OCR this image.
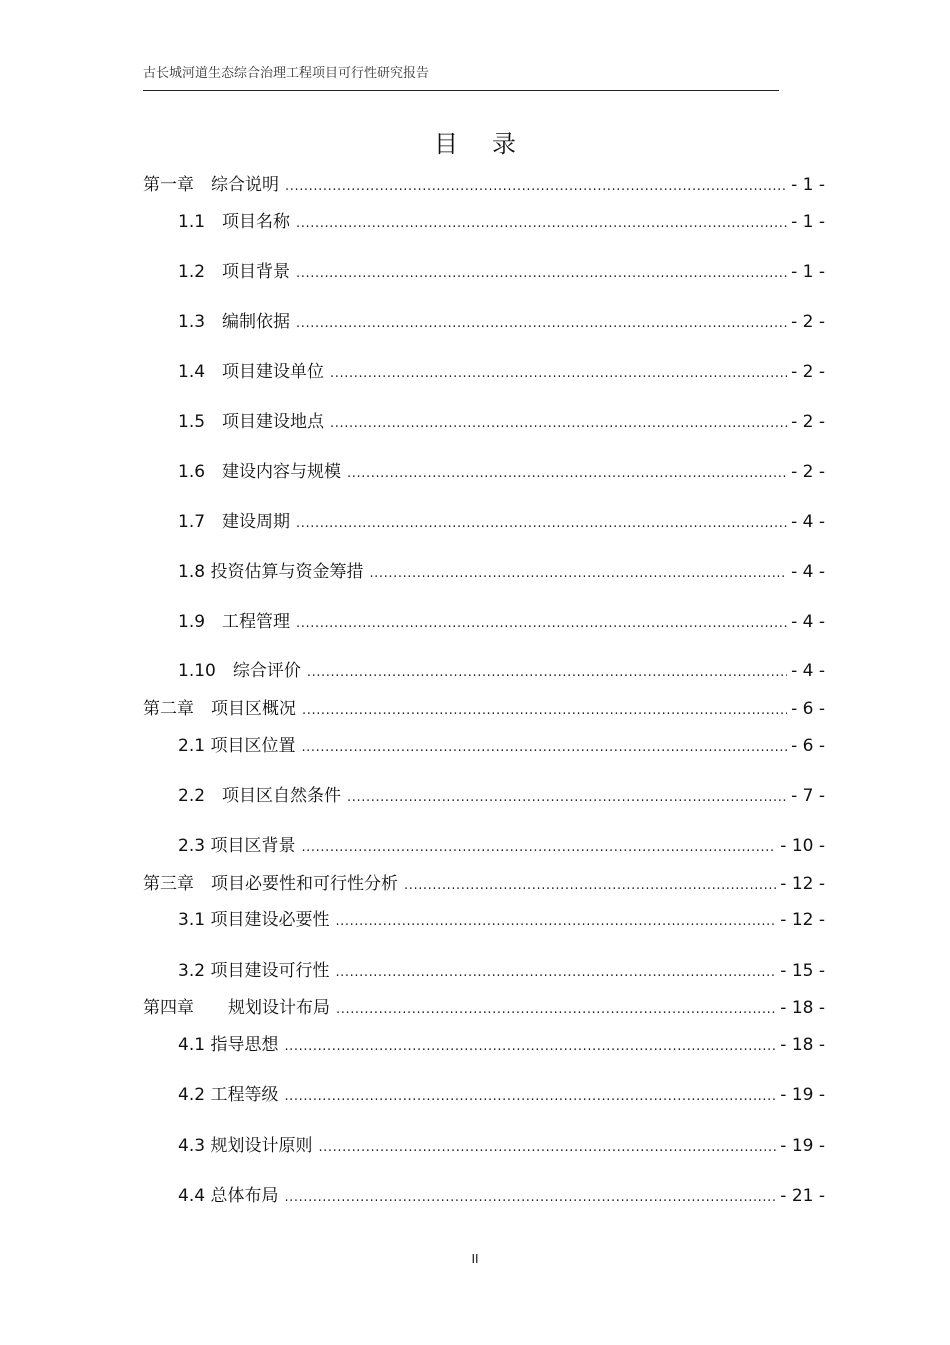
古长城河道生态综合治理工程项目可行性研究报告
目录
第一章　综合说明 .....	- 1 -
1.1　项目名称 .....	- 1 -
1.2　项目背景 .....	- 1 -
1.3　编制依据 .....	- 2 -
1.4　项目建设单位 .....	- 2 -
1.5　项目建设地点 .....	- 2 -
1.6　建设内容与规模 .....	- 2 -
1.7　建设周期 .....	- 4 -
1.8 投资估算与资金筹措 .....	- 4 -
1.9　工程管理 .....	- 4 -
1.10　综合评价 .....	- 4 -
第二章　项目区概况 .....	- 6 -
2.1 项目区位置 .....	- 6 -
2.2　项目区自然条件 .....	- 7 -
2.3 项目区背景 .....	- 10 -
第三章　项目必要性和可行性分析 .....	- 12 -
3.1 项目建设必要性 .....	- 12 -
3.2 项目建设可行性 .....	- 15 -
第四章　　规划设计布局 .....	- 18 -
4.1 指导思想 .....	- 18 -
4.2 工程等级 .....	- 19 -
4.3 规划设计原则 .....	- 19 -
4.4 总体布局 .....	- 21 -
II
